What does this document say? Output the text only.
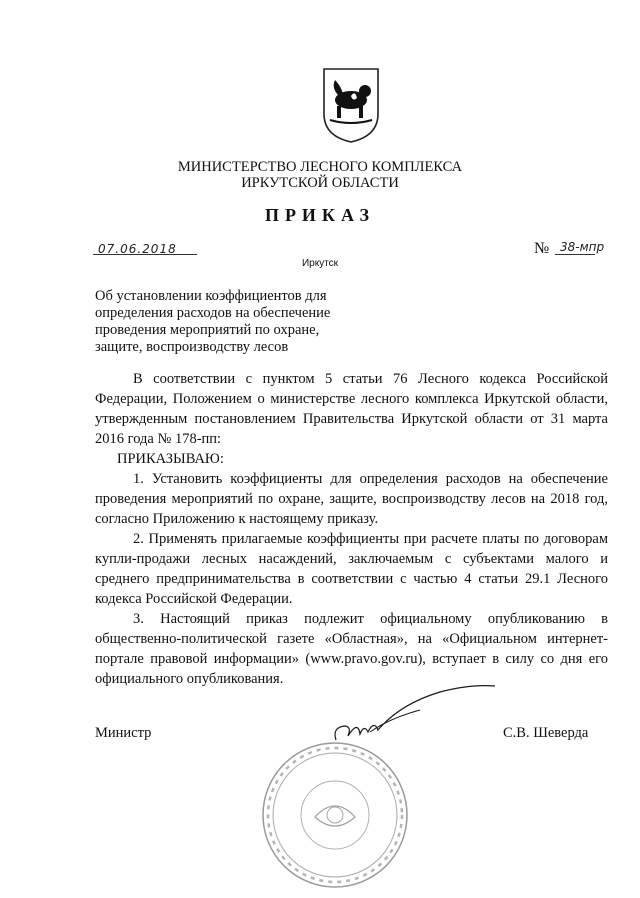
МИНИСТЕРСТВО ЛЕСНОГО КОМПЛЕКСА
ИРКУТСКОЙ ОБЛАСТИ
ПРИКАЗ
07.06.2018
Иркутск
№ 38-мпр
Об установлении коэффициентов для
определения расходов на обеспечение
проведения мероприятий по охране,
защите, воспроизводству лесов

В соответствии с пунктом 5 статьи 76 Лесного кодекса Российской Федерации, Положением о министерстве лесного комплекса Иркутской области, утвержденным постановлением Правительства Иркутской области от 31 марта 2016 года № 178-пп:

ПРИКАЗЫВАЮ:

1. Установить коэффициенты для определения расходов на обеспечение проведения мероприятий по охране, защите, воспроизводству лесов на 2018 год, согласно Приложению к настоящему приказу.

2. Применять прилагаемые коэффициенты при расчете платы по договорам купли-продажи лесных насаждений, заключаемым с субъектами малого и среднего предпринимательства в соответствии с частью 4 статьи 29.1 Лесного кодекса Российской Федерации.

3. Настоящий приказ подлежит официальному опубликованию в общественно-политической газете «Областная», на «Официальном интернет-портале правовой информации» (www.pravo.gov.ru), вступает в силу со дня его официального опубликования.

Министр	С.В. Шеверда
